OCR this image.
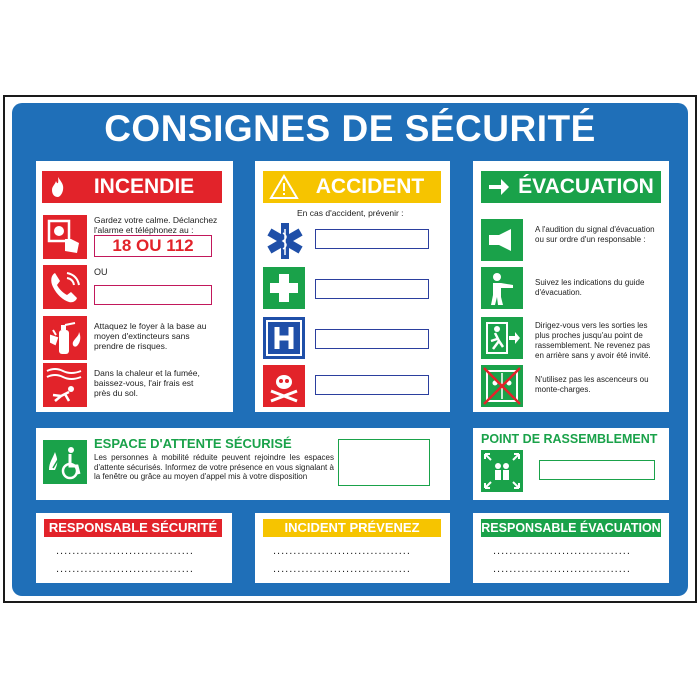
CONSIGNES DE SÉCURITÉ
INCENDIE
Gardez votre calme. Déclanchez l'alarme et téléphonez au :
18 OU 112
OU
Attaquez le foyer à la base au moyen d'extincteurs sans prendre de risques.
Dans la chaleur et la fumée, baissez-vous, l'air frais est près du sol.
ACCIDENT
En cas d'accident, prévenir :
ÉVACUATION
A l'audition du signal d'évacuation ou sur ordre d'un responsable :
Suivez les indications du guide d'évacuation.
Dirigez-vous vers les sorties les plus proches jusqu'au point de rassemblement. Ne revenez pas en arrière sans y avoir été invité.
N'utilisez pas les ascenceurs ou monte-charges.
ESPACE D'ATTENTE SÉCURISÉ
Les personnes à mobilité réduite peuvent rejoindre les espaces d'attente sécurisés. Informez de votre présence en vous signalant à la fenêtre ou grâce au moyen d'appel mis à votre disposition
POINT DE RASSEMBLEMENT
RESPONSABLE SÉCURITÉ
..................................
..................................
INCIDENT PRÉVENEZ
..................................
..................................
RESPONSABLE ÉVACUATION
..................................
..................................
